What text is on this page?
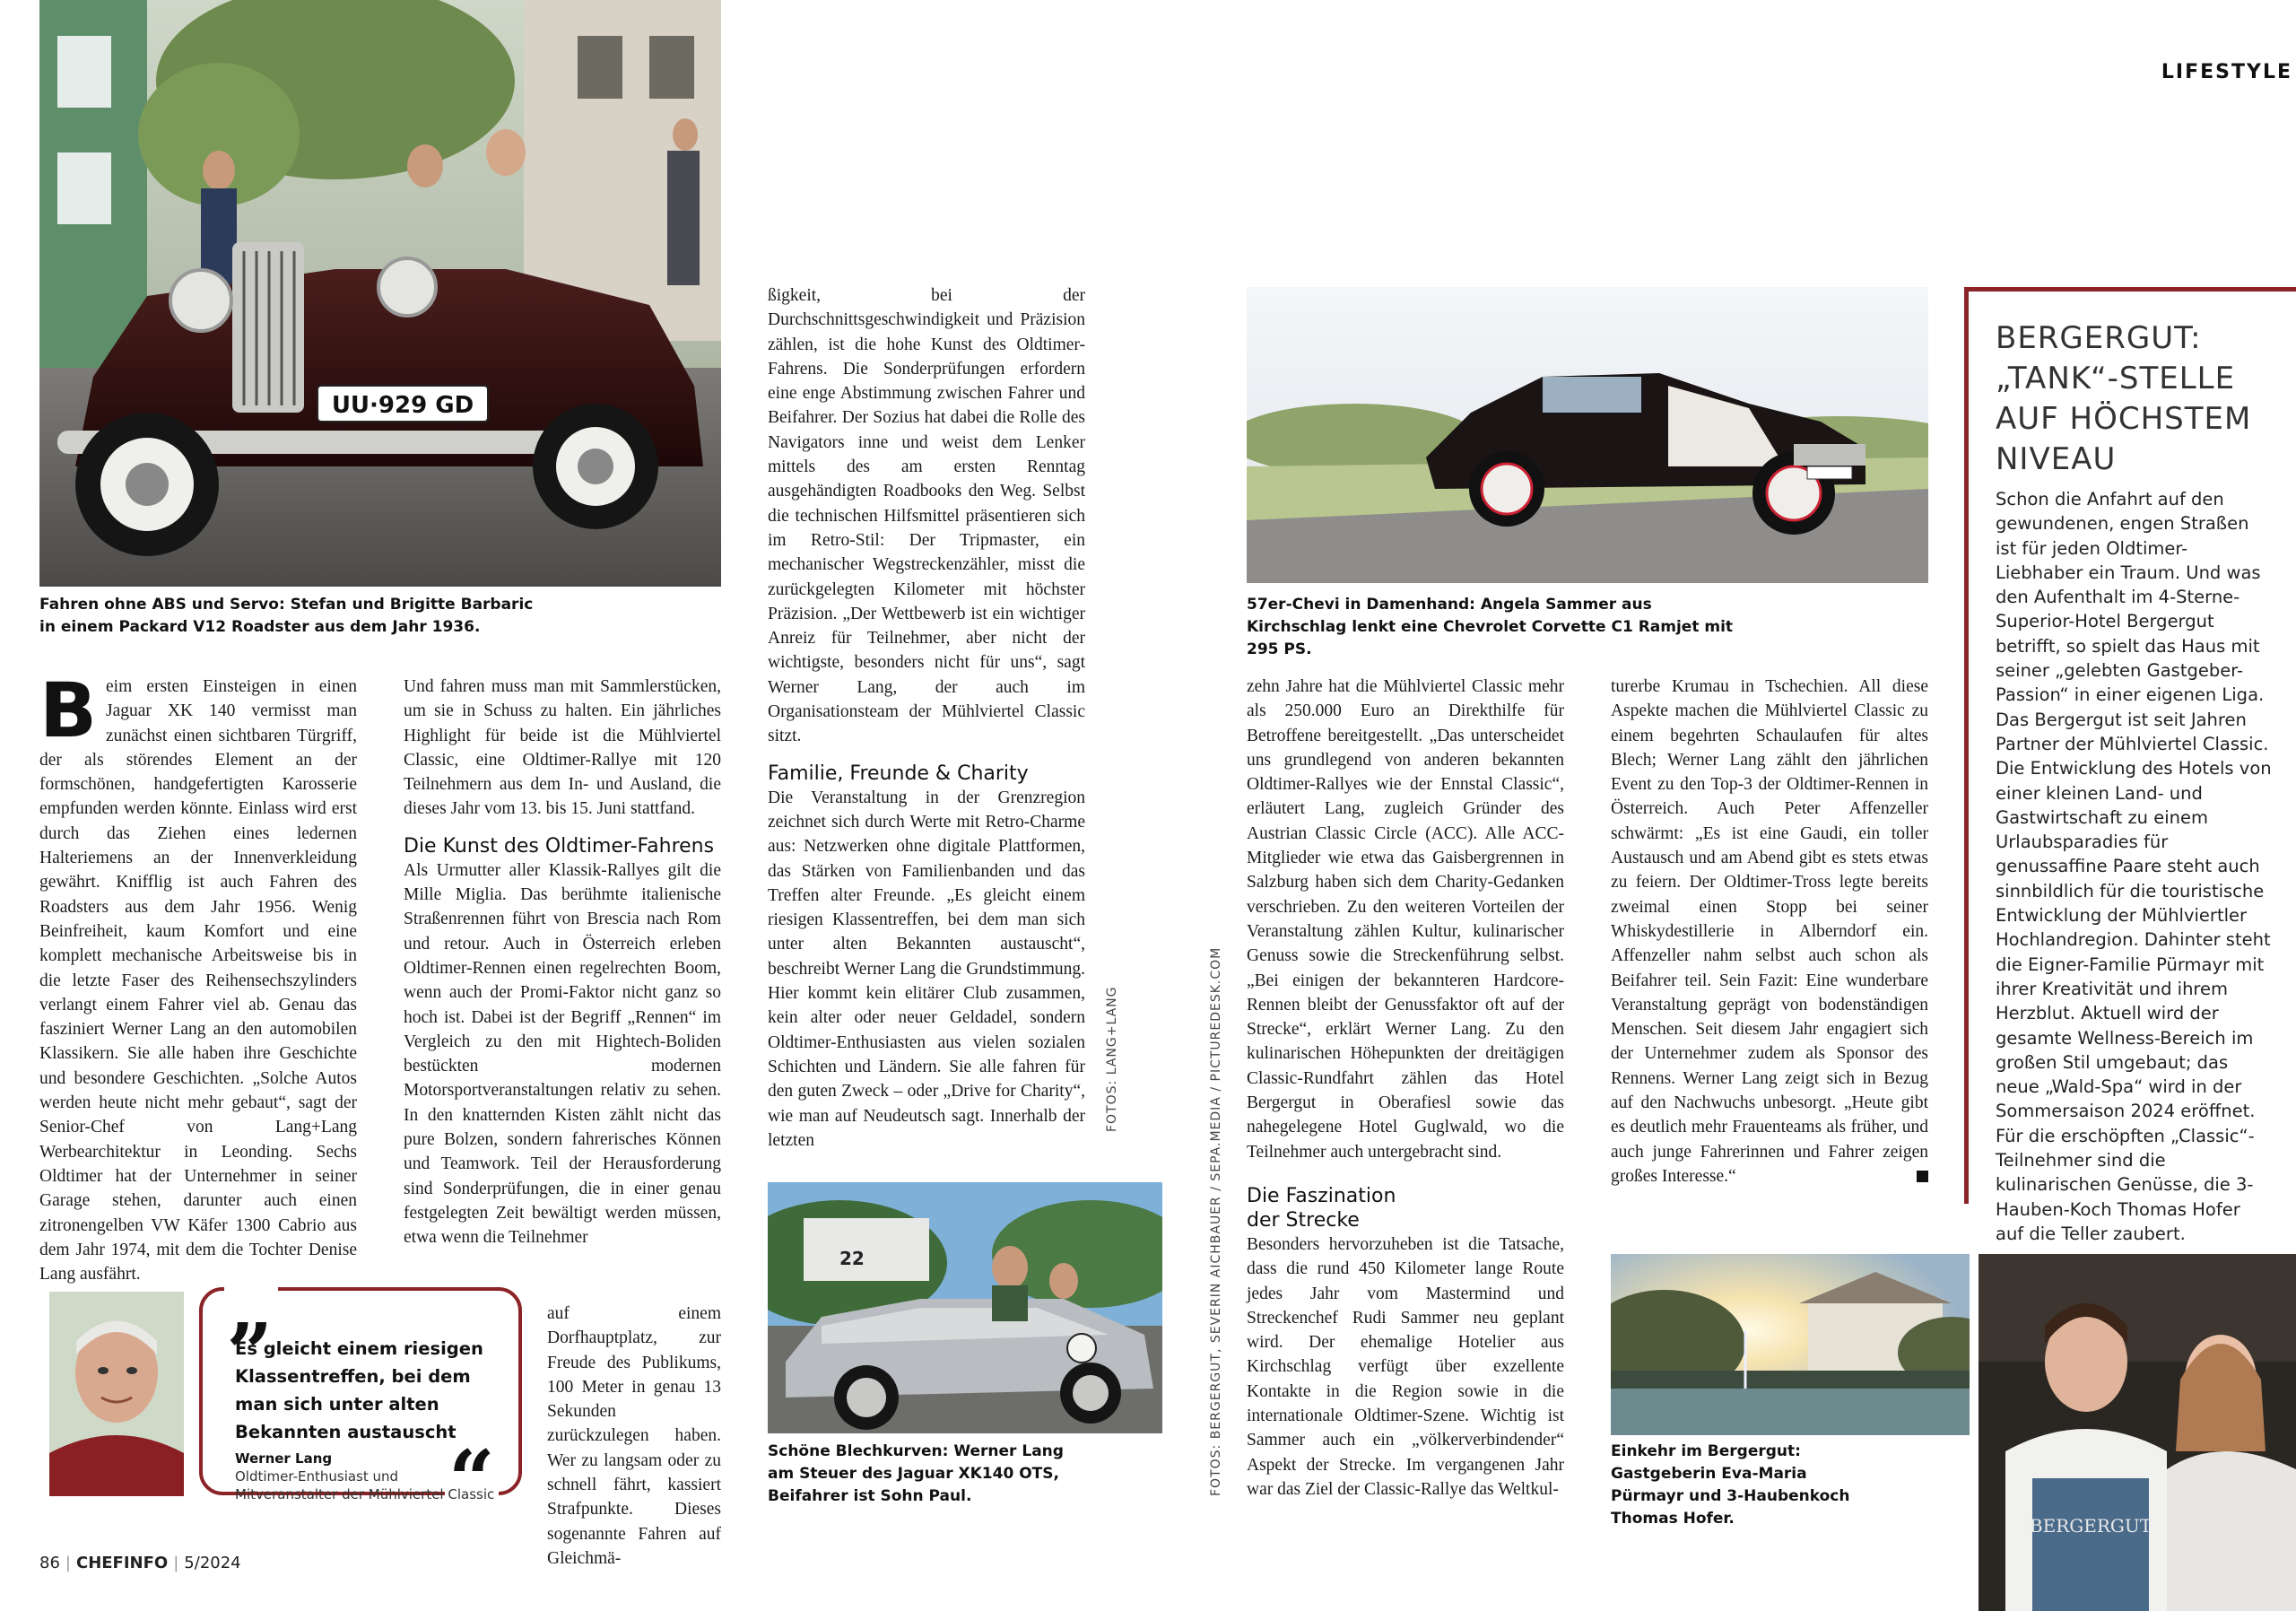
LIFESTYLE
UU·929 GD
Fahren ohne ABS und Servo: Stefan und Brigitte Barbaric in einem Packard V12 Roadster aus dem Jahr 1936.
57er-Chevi in Damenhand: Angela Sammer aus Kirchschlag lenkt eine Chevrolet Corvette C1 Ramjet mit 295 PS.
B eim ersten Einsteigen in einen Jaguar XK 140 vermisst man zunächst einen sichtbaren Türgriff, der als störendes Element an der formschönen, handgefertigten Karosserie empfunden werden könnte. Einlass wird erst durch das Ziehen eines ledernen Halteriemens an der Innenverkleidung gewährt. Knifflig ist auch Fahren des Roadsters aus dem Jahr 1956. Wenig Beinfreiheit, kaum Komfort und eine komplett mechanische Arbeitsweise bis in die letzte Faser des Reihensechszylinders verlangt einem Fahrer viel ab. Genau das fasziniert Werner Lang an den automobilen Klassikern. Sie alle haben ihre Geschichte und besondere Geschichten. „Solche Autos werden heute nicht mehr gebaut“, sagt der Senior-Chef von Lang+Lang Werbearchitektur in Leonding. Sechs Oldtimer hat der Unternehmer in seiner Garage stehen, darunter auch einen zitronengelben VW Käfer 1300 Cabrio aus dem Jahr 1974, mit dem die Tochter Denise Lang ausfährt.

Und fahren muss man mit Sammlerstücken, um sie in Schuss zu halten. Ein jährliches Highlight für beide ist die Mühlviertel Classic, eine Oldtimer-Rallye mit 120 Teilnehmern aus dem In- und Ausland, die dieses Jahr vom 13. bis 15. Juni stattfand.

Die Kunst des Oldtimer-Fahrens

Als Urmutter aller Klassik-Rallyes gilt die Mille Miglia. Das berühmte italienische Straßenrennen führt von Brescia nach Rom und retour. Auch in Österreich erleben Oldtimer-Rennen einen regelrechten Boom, wenn auch der Promi-Faktor nicht ganz so hoch ist. Dabei ist der Begriff „Rennen“ im Vergleich zu den mit Hightech-Boliden bestückten modernen Motorsportveranstaltungen relativ zu sehen. In den knatternden Kisten zählt nicht das pure Bolzen, sondern fahrerisches Können und Teamwork. Teil der Herausforderung sind Sonderprüfungen, die in einer genau festgelegten Zeit bewältigt werden müssen, etwa wenn die Teilnehmer

auf einem Dorfhauptplatz, zur Freude des Publikums, 100 Meter in genau 13 Sekunden zurückzulegen haben. Wer zu langsam oder zu schnell fährt, kassiert Strafpunkte. Dieses sogenannte Fahren auf Gleichmä-

„
“
Es gleicht einem riesigen Klassentreffen, bei dem man sich unter alten Bekannten austauscht
Werner Lang
Oldtimer-Enthusiast und Mitveranstalter der Mühlviertel Classic

ßigkeit, bei der Durchschnittsgeschwindigkeit und Präzision zählen, ist die hohe Kunst des Oldtimer-Fahrens. Die Sonderprüfungen erfordern eine enge Abstimmung zwischen Fahrer und Beifahrer. Der Sozius hat dabei die Rolle des Navigators inne und weist dem Lenker mittels des am ersten Renntag ausgehändigten Roadbooks den Weg. Selbst die technischen Hilfsmittel präsentieren sich im Retro-Stil: Der Tripmaster, ein mechanischer Wegstreckenzähler, misst die zurückgelegten Kilometer mit höchster Präzision. „Der Wettbewerb ist ein wichtiger Anreiz für Teilnehmer, aber nicht der wichtigste, besonders nicht für uns“, sagt Werner Lang, der auch im Organisationsteam der Mühlviertel Classic sitzt.

Familie, Freunde & Charity

Die Veranstaltung in der Grenzregion zeichnet sich durch Werte mit Retro-Charme aus: Netzwerken ohne digitale Plattformen, das Stärken von Familienbanden und das Treffen alter Freunde. „Es gleicht einem riesigen Klassentreffen, bei dem man sich unter alten Bekannten austauscht“, beschreibt Werner Lang die Grundstimmung. Hier kommt kein elitärer Club zusammen, kein alter oder neuer Geldadel, sondern Oldtimer-Enthusiasten aus vielen sozialen Schichten und Ländern. Sie alle fahren für den guten Zweck – oder „Drive for Charity“, wie man auf Neudeutsch sagt. Innerhalb der letzten

FOTOS: LANG+LANG	FOTOS: BERGERGUT, SEVERIN AICHBAUER / SEPA.MEDIA / PICTUREDESK.COM
22
Schöne Blechkurven: Werner Lang am Steuer des Jaguar XK140 OTS, Beifahrer ist Sohn Paul.

zehn Jahre hat die Mühlviertel Classic mehr als 250.000 Euro an Direkthilfe für Betroffene bereitgestellt. „Das unterscheidet uns grundlegend von anderen bekannten Oldtimer-Rallyes wie der Ennstal Classic“, erläutert Lang, zugleich Gründer des Austrian Classic Circle (ACC). Alle ACC-Mitglieder wie etwa das Gaisbergrennen in Salzburg haben sich dem Charity-Gedanken verschrieben. Zu den weiteren Vorteilen der Veranstaltung zählen Kultur, kulinarischer Genuss sowie die Streckenführung selbst. „Bei einigen der bekannteren Hardcore-Rennen bleibt der Genussfaktor oft auf der Strecke“, erklärt Werner Lang. Zu den kulinarischen Höhepunkten der dreitägigen Classic-Rundfahrt zählen das Hotel Bergergut in Oberafiesl sowie das nahegelegene Hotel Guglwald, wo die Teilnehmer auch untergebracht sind.

Die Faszination
der Strecke

Besonders hervorzuheben ist die Tatsache, dass die rund 450 Kilometer lange Route jedes Jahr vom Mastermind und Streckenchef Rudi Sammer neu geplant wird. Der ehemalige Hotelier aus Kirchschlag verfügt über exzellente Kontakte in die Region sowie in die internationale Oldtimer-Szene. Wichtig ist Sammer auch ein „völkerverbindender“ Aspekt der Strecke. Im vergangenen Jahr war das Ziel der Classic-Rallye das Weltkul-

turerbe Krumau in Tschechien. All diese Aspekte machen die Mühlviertel Classic zu einem begehrten Schaulaufen für altes Blech; Werner Lang zählt den jährlichen Event zu den Top-3 der Oldtimer-Rennen in Österreich. Auch Peter Affenzeller schwärmt: „Es ist eine Gaudi, ein toller Austausch und am Abend gibt es stets etwas zu feiern. Der Oldtimer-Tross legte bereits zweimal einen Stopp bei seiner Whiskydestillerie in Alberndorf ein. Affenzeller nahm selbst auch schon als Beifahrer teil. Sein Fazit: Eine wunderbare Veranstaltung geprägt von bodenständigen Menschen. Seit diesem Jahr engagiert sich der Unternehmer zudem als Sponsor des Rennens. Werner Lang zeigt sich in Bezug auf den Nachwuchs unbesorgt. „Heute gibt es deutlich mehr Frauenteams als früher, und auch junge Fahrerinnen und Fahrer zeigen großes Interesse.“

BERGERGUT: „TANK“-STELLE AUF HÖCHSTEM NIVEAU
Schon die Anfahrt auf den gewundenen, engen Straßen ist für jeden Oldtimer-Liebhaber ein Traum. Und was den Aufenthalt im 4-Sterne-Superior-Hotel Bergergut betrifft, so spielt das Haus mit seiner „gelebten Gastgeber-Passion“ in einer eigenen Liga. Das Bergergut ist seit Jahren Partner der Mühlviertel Classic. Die Entwicklung des Hotels von einer kleinen Land- und Gastwirtschaft zu einem Urlaubsparadies für genussaffine Paare steht auch sinnbildlich für die touristische Entwicklung der Mühlviertler Hochlandregion. Dahinter steht die Eigner-Familie Pürmayr mit ihrer Kreativität und ihrem Herzblut. Aktuell wird der gesamte Wellness-Bereich im großen Stil umgebaut; das neue „Wald-Spa“ wird in der Sommersaison 2024 eröffnet. Für die erschöpften „Classic“-Teilnehmer sind die kulinarischen Genüsse, die 3-Hauben-Koch Thomas Hofer auf die Teller zaubert.
Einkehr im Bergergut: Gastgeberin Eva-Maria Pürmayr und 3-Haubenkoch Thomas Hofer.	BERGERGUT
86 | CHEFINFO | 5/2024
